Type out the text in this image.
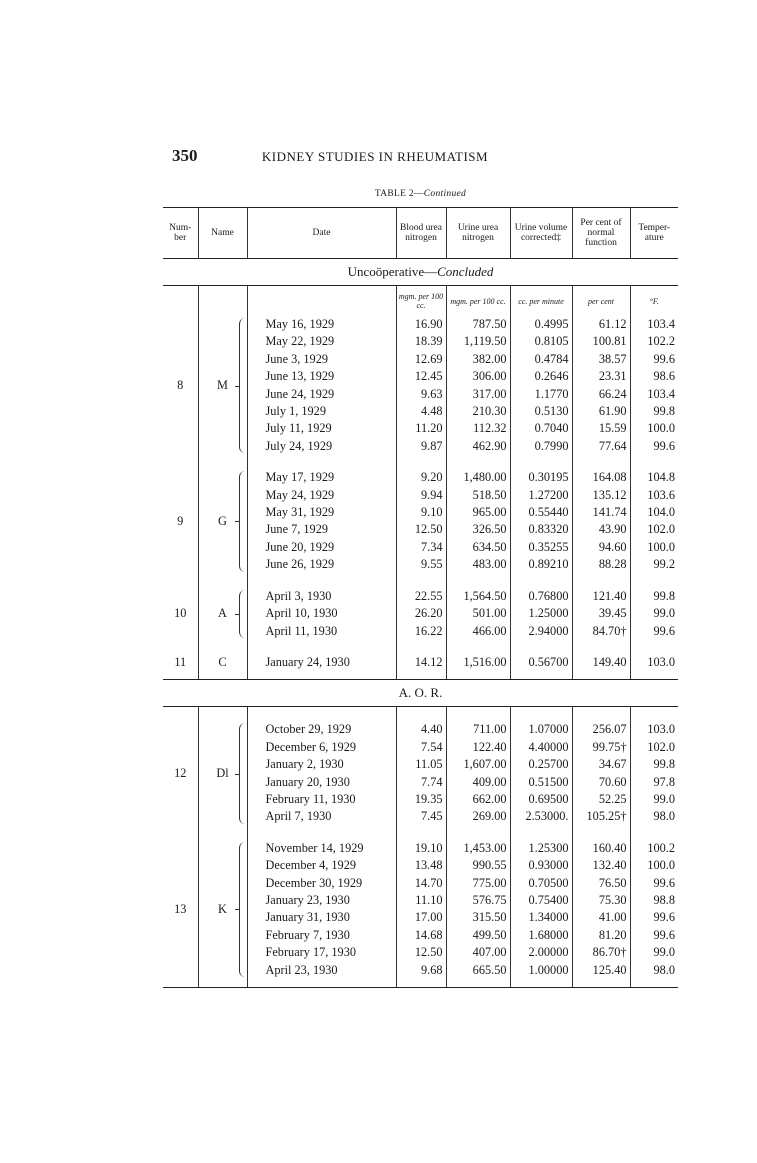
350	KIDNEY STUDIES IN RHEUMATISM
TABLE 2—Continued
Num-ber	Name	Date	Blood urea nitrogen	Urine urea nitrogen	Urine volume corrected‡	Per cent of normal function	Temper-ature
Uncoöperative—Concluded							
			mgm. per 100 cc.	mgm. per 100 cc.	cc. per minute	per cent	°F.
8	M	May 16, 1929	16.90	787.50	0.4995	61.12	103.4
		May 22, 1929	18.39	1,119.50	0.8105	100.81	102.2
		June 3, 1929	12.69	382.00	0.4784	38.57	99.6
		June 13, 1929	12.45	306.00	0.2646	23.31	98.6
		June 24, 1929	9.63	317.00	1.1770	66.24	103.4
		July 1, 1929	4.48	210.30	0.5130	61.90	99.8
		July 11, 1929	11.20	112.32	0.7040	15.59	100.0
		July 24, 1929	9.87	462.90	0.7990	77.64	99.6

9	G	May 17, 1929	9.20	1,480.00	0.30195	164.08	104.8
		May 24, 1929	9.94	518.50	1.27200	135.12	103.6
		May 31, 1929	9.10	965.00	0.55440	141.74	104.0
		June 7, 1929	12.50	326.50	0.83320	43.90	102.0
		June 20, 1929	7.34	634.50	0.35255	94.60	100.0
		June 26, 1929	9.55	483.00	0.89210	88.28	99.2

10	A	April 3, 1930	22.55	1,564.50	0.76800	121.40	99.8
		April 10, 1930	26.20	501.00	1.25000	39.45	99.0
		April 11, 1930	16.22	466.00	2.94000	84.70†	99.6

11	C	January 24, 1930	14.12	1,516.00	0.56700	149.40	103.0

A. O. R.							

12	Dl	October 29, 1929	4.40	711.00	1.07000	256.07	103.0
		December 6, 1929	7.54	122.40	4.40000	99.75†	102.0
		January 2, 1930	11.05	1,607.00	0.25700	34.67	99.8
		January 20, 1930	7.74	409.00	0.51500	70.60	97.8
		February 11, 1930	19.35	662.00	0.69500	52.25	99.0
		April 7, 1930	7.45	269.00	2.53000.	105.25†	98.0

13	K	November 14, 1929	19.10	1,453.00	1.25300	160.40	100.2
		December 4, 1929	13.48	990.55	0.93000	132.40	100.0
		December 30, 1929	14.70	775.00	0.70500	76.50	99.6
		January 23, 1930	11.10	576.75	0.75400	75.30	98.8
		January 31, 1930	17.00	315.50	1.34000	41.00	99.6
		February 7, 1930	14.68	499.50	1.68000	81.20	99.6
		February 17, 1930	12.50	407.00	2.00000	86.70†	99.0
		April 23, 1930	9.68	665.50	1.00000	125.40	98.0
